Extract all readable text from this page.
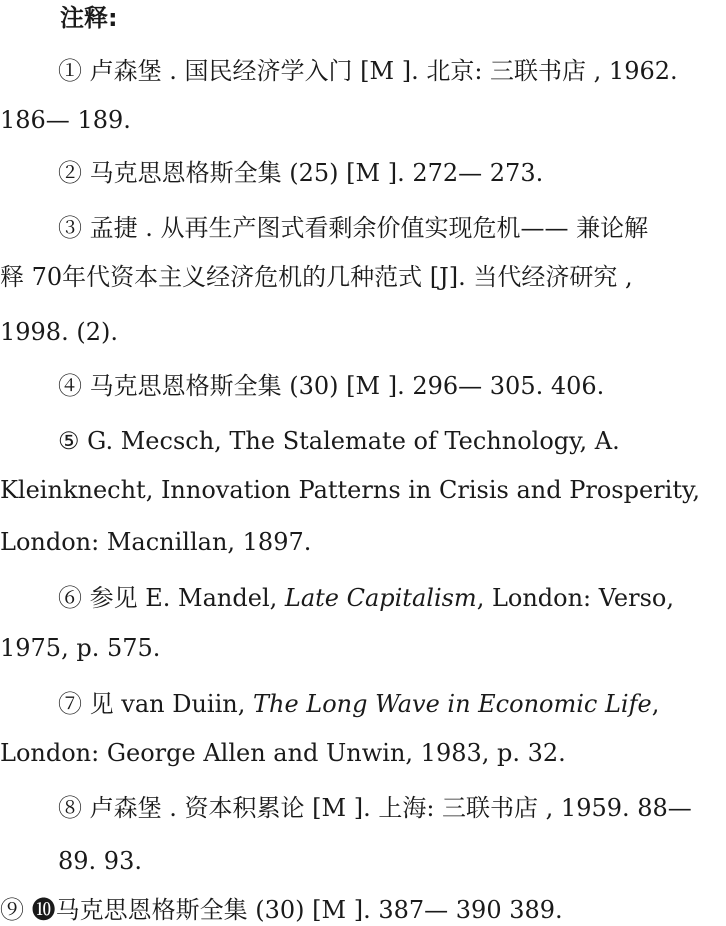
注释:

① 卢森堡 . 国民经济学入门 [M ]. 北京: 三联书店 , 1962.

186— 189.

② 马克思恩格斯全集 (25) [M ]. 272— 273.

③ 孟捷 . 从再生产图式看剩余价值实现危机—— 兼论解

释 70年代资本主义经济危机的几种范式 [J]. 当代经济研究 ,

1998. (2).

④ 马克思恩格斯全集 (30) [M ]. 296— 305. 406.

⑤ G. Mecsch, The Stalemate of Technology, A.

Kleinknecht, Innovation Patterns in Crisis and Prosperity,

London: Macnillan, 1897.

⑥ 参见 E. Mandel, Late Capitalism, London: Verso,

1975, p. 575.

⑦ 见 van Duiin, The Long Wave in Economic Life,

London: George Allen and Unwin, 1983, p. 32.

⑧ 卢森堡 . 资本积累论 [M ]. 上海: 三联书店 , 1959. 88—

89. 93.

⑨ ❿马克思恩格斯全集 (30) [M ]. 387— 390 389.
